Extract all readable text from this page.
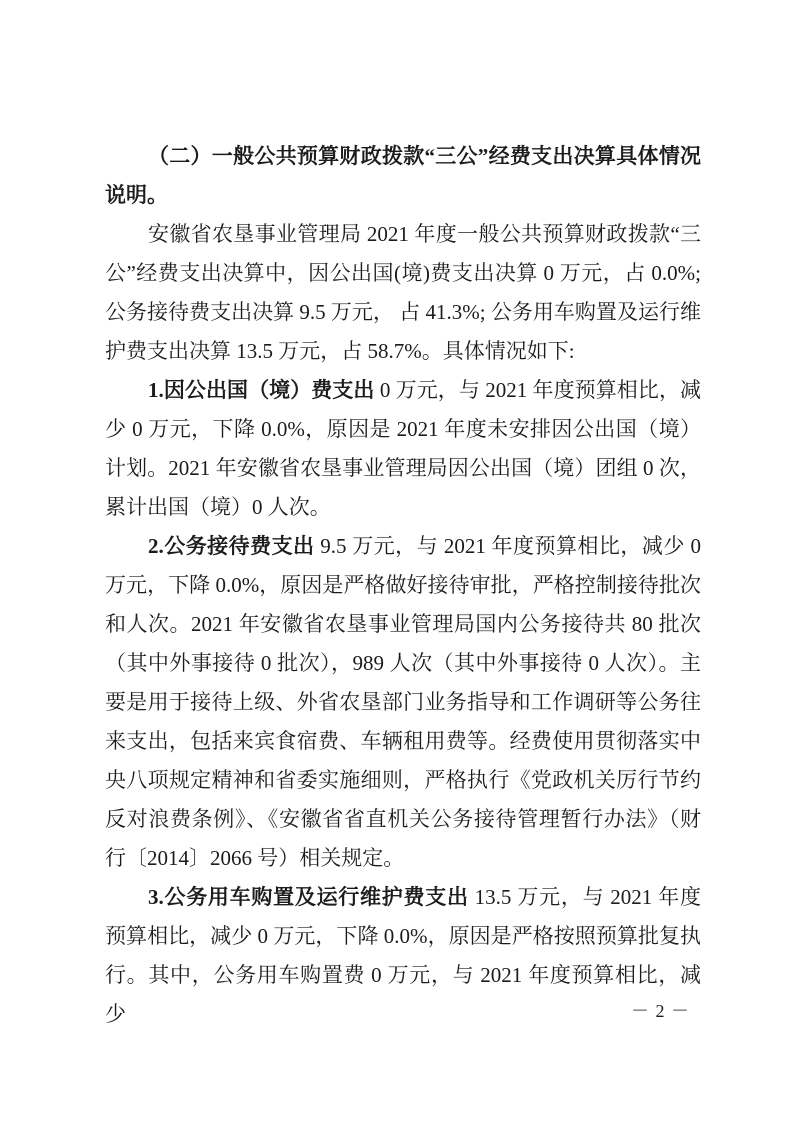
（二）一般公共预算财政拨款“三公”经费支出决算具体情况说明。

安徽省农垦事业管理局 2021 年度一般公共预算财政拨款“三公”经费支出决算中，因公出国(境)费支出决算 0 万元，占 0.0%; 公务接待费支出决算 9.5 万元， 占 41.3%; 公务用车购置及运行维护费支出决算 13.5 万元，占 58.7%。具体情况如下:

1.因公出国（境）费支出 0 万元，与 2021 年度预算相比，减少 0 万元，下降 0.0%，原因是 2021 年度未安排因公出国（境）计划。2021 年安徽省农垦事业管理局因公出国（境）团组 0 次，累计出国（境）0 人次。

2.公务接待费支出 9.5 万元，与 2021 年度预算相比，减少 0 万元，下降 0.0%，原因是严格做好接待审批，严格控制接待批次和人次。2021 年安徽省农垦事业管理局国内公务接待共 80 批次（其中外事接待 0 批次），989 人次（其中外事接待 0 人次）。主要是用于接待上级、外省农垦部门业务指导和工作调研等公务往来支出，包括来宾食宿费、车辆租用费等。经费使用贯彻落实中央八项规定精神和省委实施细则，严格执行《党政机关厉行节约反对浪费条例》、《安徽省省直机关公务接待管理暂行办法》（财行〔2014〕2066 号）相关规定。

3.公务用车购置及运行维护费支出 13.5 万元，与 2021 年度预算相比，减少 0 万元，下降 0.0%，原因是严格按照预算批复执行。其中，公务用车购置费 0 万元，与 2021 年度预算相比，减少	－ 2 －
